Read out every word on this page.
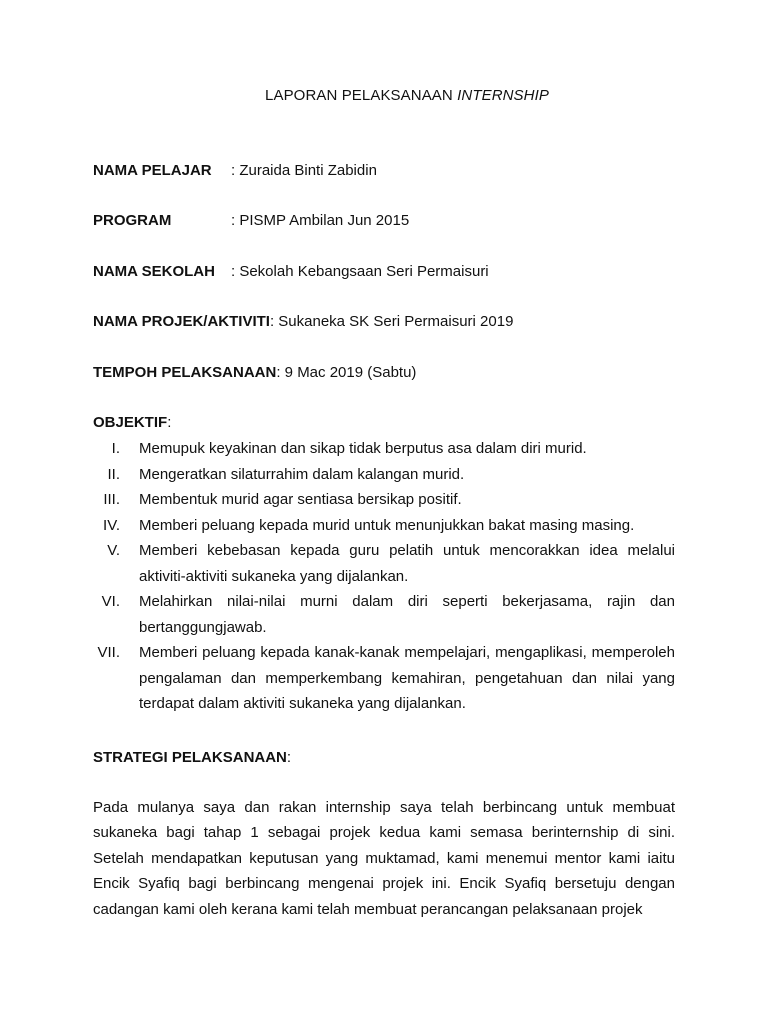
LAPORAN PELAKSANAAN INTERNSHIP
NAMA PELAJAR : Zuraida Binti Zabidin
PROGRAM	: PISMP Ambilan Jun 2015
NAMA SEKOLAH : Sekolah Kebangsaan Seri Permaisuri
NAMA PROJEK/AKTIVITI: Sukaneka SK Seri Permaisuri 2019
TEMPOH PELAKSANAAN: 9 Mac 2019 (Sabtu)
OBJEKTIF:
I. Memupuk keyakinan dan sikap tidak berputus asa dalam diri murid.
II. Mengeratkan silaturrahim dalam kalangan murid.
III. Membentuk murid agar sentiasa bersikap positif.
IV. Memberi peluang kepada murid untuk menunjukkan bakat masing masing.
V. Memberi kebebasan kepada guru pelatih untuk mencorakkan idea melalui aktiviti-aktiviti sukaneka yang dijalankan.
VI. Melahirkan nilai-nilai murni dalam diri seperti bekerjasama, rajin dan bertanggungjawab.
VII. Memberi peluang kepada kanak-kanak mempelajari, mengaplikasi, memperoleh pengalaman dan memperkembang kemahiran, pengetahuan dan nilai yang terdapat dalam aktiviti sukaneka yang dijalankan.
STRATEGI PELAKSANAAN:
Pada mulanya saya dan rakan internship saya telah berbincang untuk membuat sukaneka bagi tahap 1 sebagai projek kedua kami semasa berinternship di sini. Setelah mendapatkan keputusan yang muktamad, kami menemui mentor kami iaitu Encik Syafiq bagi berbincang mengenai projek ini. Encik Syafiq bersetuju dengan cadangan kami oleh kerana kami telah membuat perancangan pelaksanaan projek
